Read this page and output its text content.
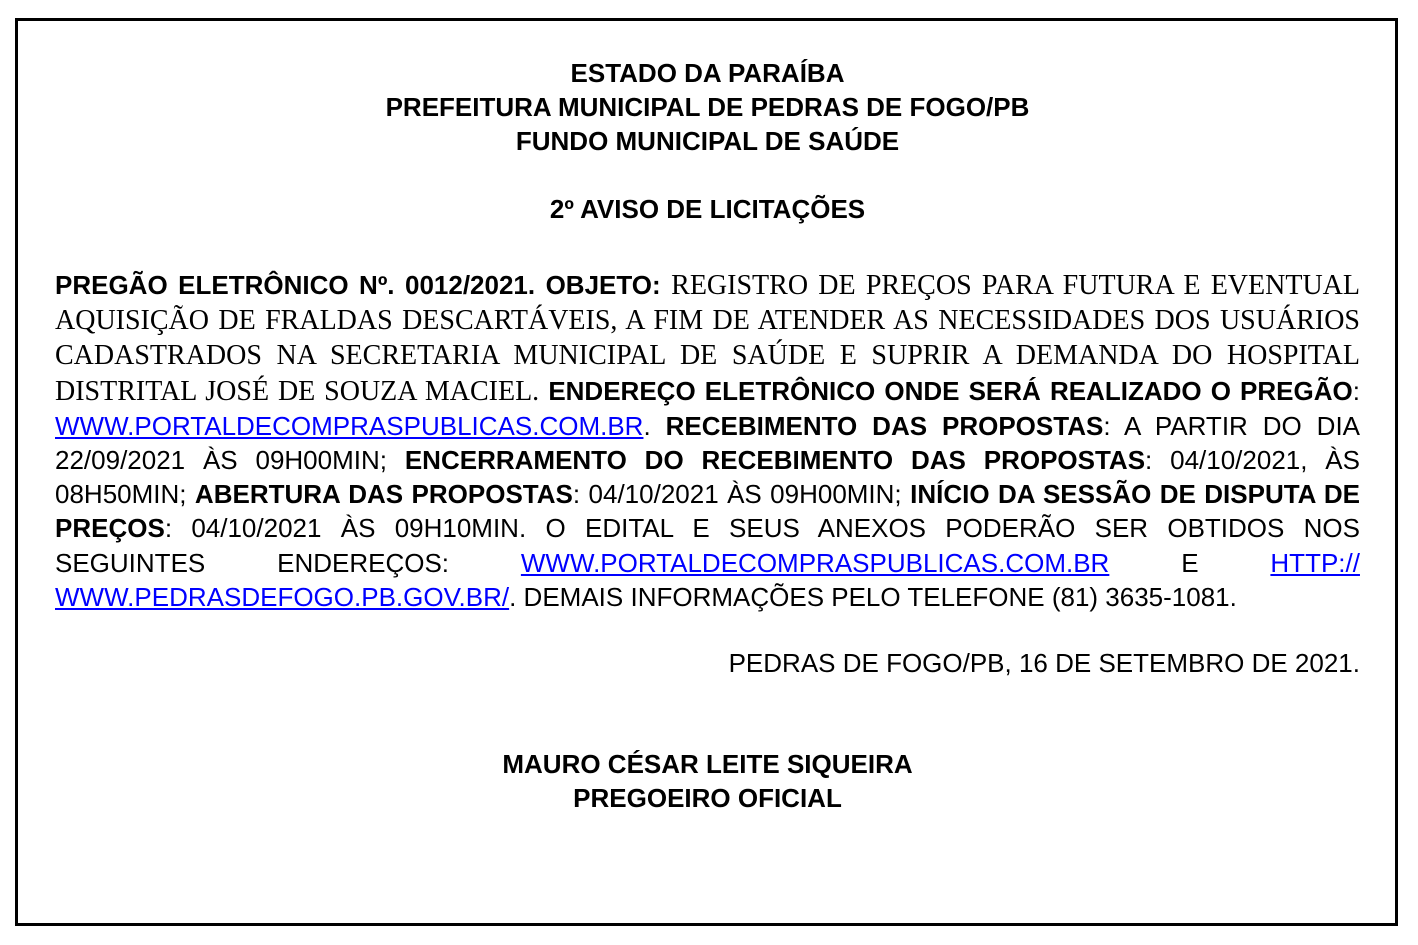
ESTADO DA PARAÍBA
PREFEITURA MUNICIPAL DE PEDRAS DE FOGO/PB
FUNDO MUNICIPAL DE SAÚDE
2º AVISO DE LICITAÇÕES
PREGÃO ELETRÔNICO Nº. 0012/2021. OBJETO: REGISTRO DE PREÇOS PARA FUTURA E EVENTUAL AQUISIÇÃO DE FRALDAS DESCARTÁVEIS, A FIM DE ATENDER AS NECESSIDADES DOS USUÁRIOS CADASTRADOS NA SECRETARIA MUNICIPAL DE SAÚDE E SUPRIR A DEMANDA DO HOSPITAL DISTRITAL JOSÉ DE SOUZA MACIEL. ENDEREÇO ELETRÔNICO ONDE SERÁ REALIZADO O PREGÃO: WWW.PORTALDECOMPRASPUBLICAS.COM.BR. RECEBIMENTO DAS PROPOSTAS: A PARTIR DO DIA 22/09/2021 ÀS 09H00MIN; ENCERRAMENTO DO RECEBIMENTO DAS PROPOSTAS: 04/10/2021, ÀS 08H50MIN; ABERTURA DAS PROPOSTAS: 04/10/2021 ÀS 09H00MIN; INÍCIO DA SESSÃO DE DISPUTA DE PREÇOS: 04/10/2021 ÀS 09H10MIN. O EDITAL E SEUS ANEXOS PODERÃO SER OBTIDOS NOS SEGUINTES ENDEREÇOS:	WWW.PORTALDECOMPRASPUBLICAS.COM.BR	E	HTTP:// WWW.PEDRASDEFOGO.PB.GOV.BR/. DEMAIS INFORMAÇÕES PELO TELEFONE (81) 3635-1081.
PEDRAS DE FOGO/PB, 16 DE SETEMBRO DE 2021.
MAURO CÉSAR LEITE SIQUEIRA
PREGOEIRO OFICIAL
